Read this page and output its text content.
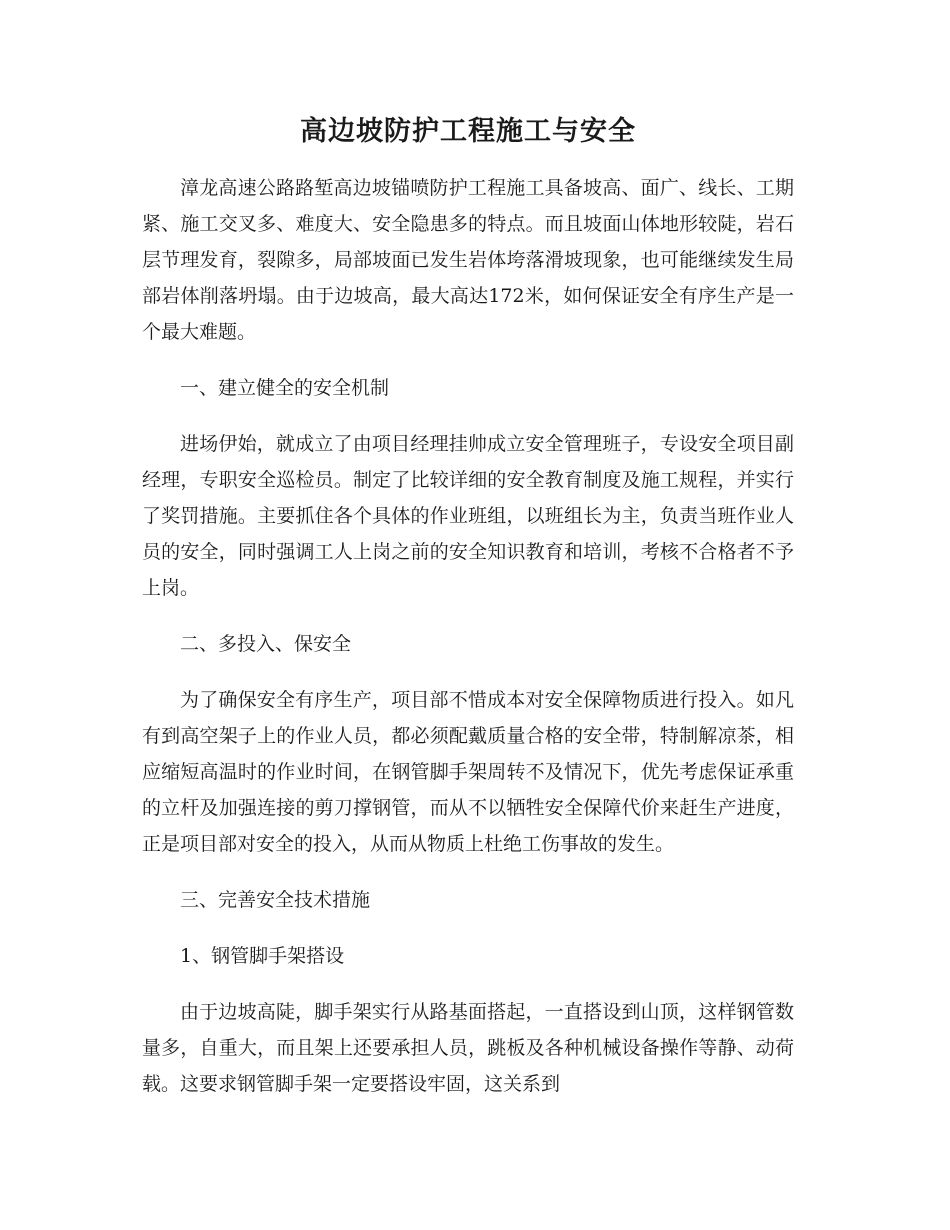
高边坡防护工程施工与安全

漳龙高速公路路堑高边坡锚喷防护工程施工具备坡高、面广、线长、工期紧、施工交叉多、难度大、安全隐患多的特点。而且坡面山体地形较陡，岩石层节理发育，裂隙多，局部坡面已发生岩体垮落滑坡现象，也可能继续发生局部岩体削落坍塌。由于边坡高，最大高达172米，如何保证安全有序生产是一个最大难题。

一、建立健全的安全机制

进场伊始，就成立了由项目经理挂帅成立安全管理班子，专设安全项目副经理，专职安全巡检员。制定了比较详细的安全教育制度及施工规程，并实行了奖罚措施。主要抓住各个具体的作业班组，以班组长为主，负责当班作业人员的安全，同时强调工人上岗之前的安全知识教育和培训，考核不合格者不予上岗。

二、多投入、保安全

为了确保安全有序生产，项目部不惜成本对安全保障物质进行投入。如凡有到高空架子上的作业人员，都必须配戴质量合格的安全带，特制解凉茶，相应缩短高温时的作业时间，在钢管脚手架周转不及情况下，优先考虑保证承重的立杆及加强连接的剪刀撑钢管，而从不以牺牲安全保障代价来赶生产进度，正是项目部对安全的投入，从而从物质上杜绝工伤事故的发生。

三、完善安全技术措施

1、钢管脚手架搭设

由于边坡高陡，脚手架实行从路基面搭起，一直搭设到山顶，这样钢管数量多，自重大，而且架上还要承担人员，跳板及各种机械设备操作等静、动荷载。这要求钢管脚手架一定要搭设牢固，这关系到
